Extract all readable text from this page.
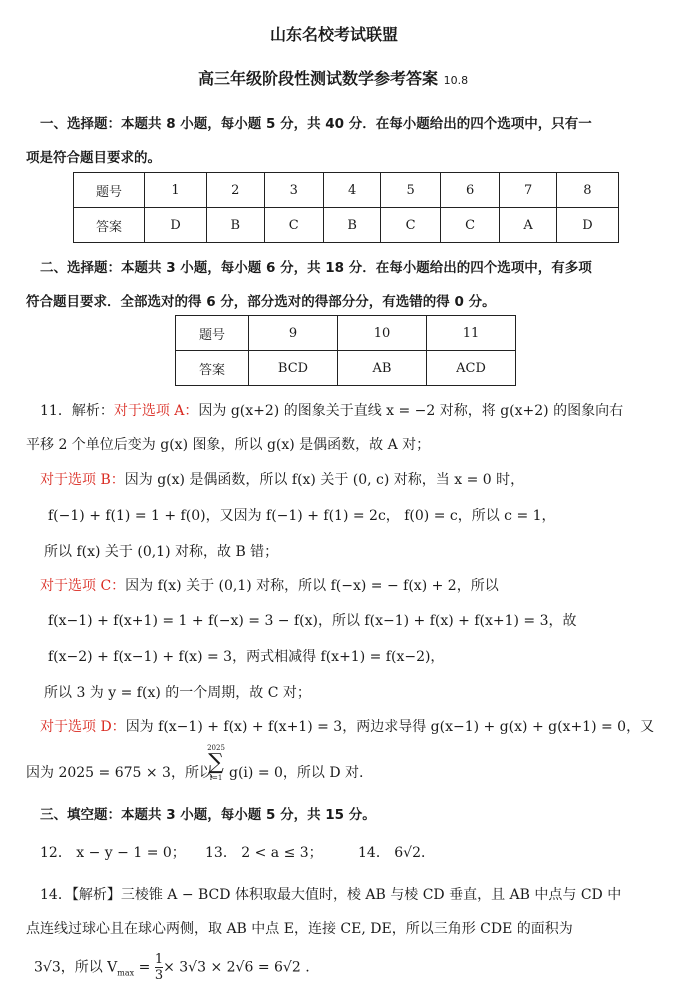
山东名校考试联盟
高三年级阶段性测试数学参考答案 10.8
一、选择题：本题共 8 小题，每小题 5 分，共 40 分．在每小题给出的四个选项中，只有一
项是符合题目要求的。
题号	1	2	3	4	5	6	7	8
答案	D	B	C	B	C	C	A	D
二、选择题：本题共 3 小题，每小题 6 分，共 18 分．在每小题给出的四个选项中，有多项
符合题目要求．全部选对的得 6 分，部分选对的得部分分，有选错的得 0 分。
题号	9	10	11
答案	BCD	AB	ACD
11．解析：对于选项 A：因为 g(x+2) 的图象关于直线 x = −2 对称，将 g(x+2) 的图象向右
平移 2 个单位后变为 g(x) 图象，所以 g(x) 是偶函数，故 A 对；
对于选项 B：因为 g(x) 是偶函数，所以 f(x) 关于 (0, c) 对称，当 x = 0 时，
f(−1) + f(1) = 1 + f(0)，又因为 f(−1) + f(1) = 2c， f(0) = c，所以 c = 1，
所以 f(x) 关于 (0,1) 对称，故 B 错；
对于选项 C：因为 f(x) 关于 (0,1) 对称，所以 f(−x) = − f(x) + 2，所以
f(x−1) + f(x+1) = 1 + f(−x) = 3 − f(x)，所以 f(x−1) + f(x) + f(x+1) = 3，故
f(x−2) + f(x−1) + f(x) = 3，两式相减得 f(x+1) = f(x−2)，
所以 3 为 y = f(x) 的一个周期，故 C 对；
对于选项 D：因为 f(x−1) + f(x) + f(x+1) = 3，两边求导得 g(x−1) + g(x) + g(x+1) = 0，又
因为 2025 = 675 × 3，所以
2025
∑
i=1 g(i) = 0，所以 D 对.
三、填空题：本题共 3 小题，每小题 5 分，共 15 分。
12． x − y − 1 = 0； 13． 2 < a ≤ 3；	14． 6√2．
14．【解析】三棱锥 A − BCD 体积取最大值时，棱 AB 与棱 CD 垂直，且 AB 中点与 CD 中
点连线过球心且在球心两侧，取 AB 中点 E，连接 CE, DE，所以三角形 CDE 的面积为
3√3，所以 $V_{max} = \frac{1}{3} \times 3√3 \times 2√6 = 6√2$ .
